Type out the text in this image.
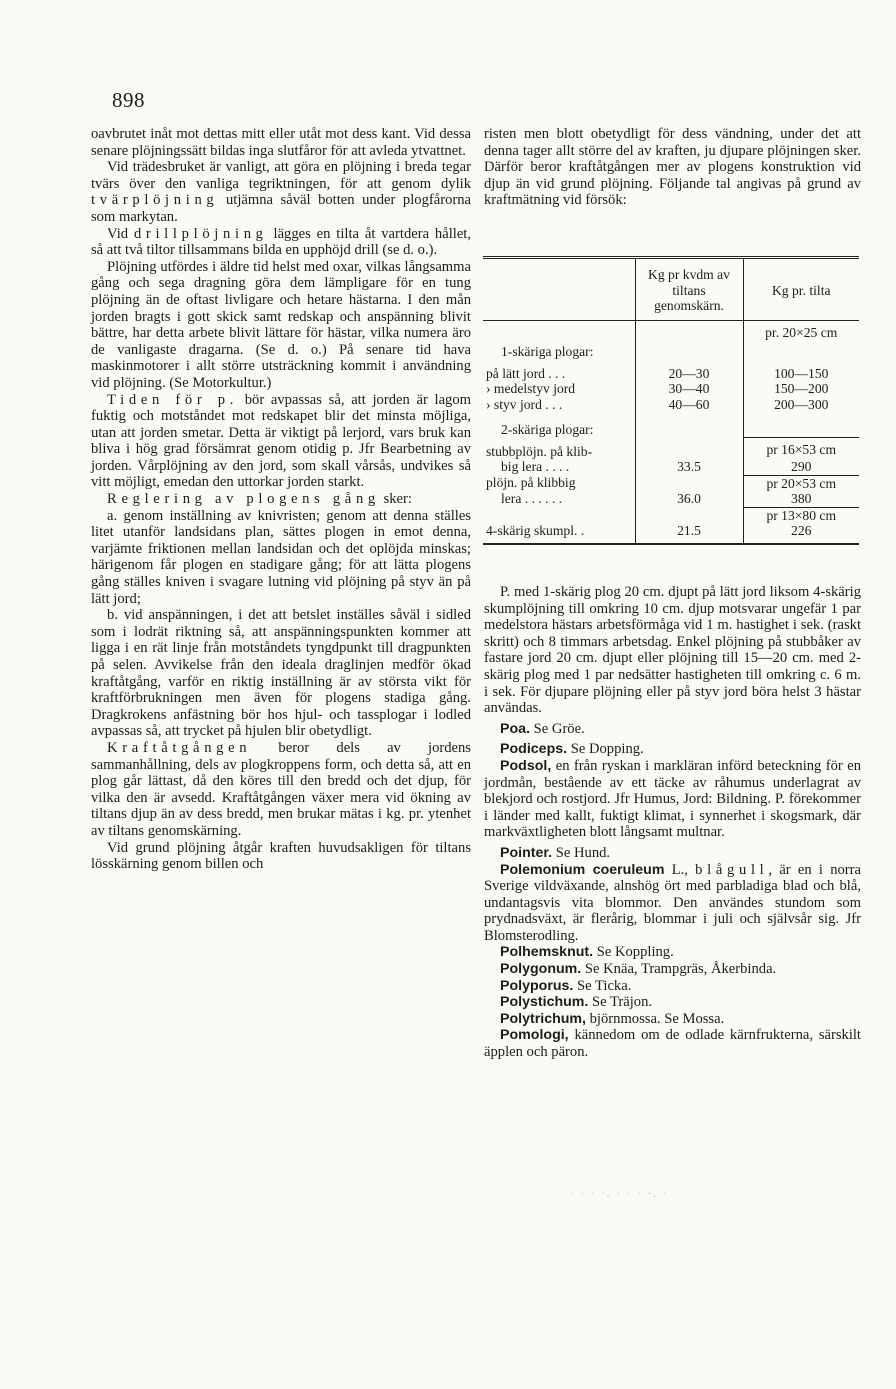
898

oavbrutet inåt mot dettas mitt eller utåt mot dess kant. Vid dessa senare plöjningssätt bildas inga slutfåror för att avleda ytvattnet.

Vid trädesbruket är vanligt, att göra en plöjning i breda tegar tvärs över den vanliga tegriktningen, för att genom dylik tvärplöjning utjämna såväl botten under plogfårorna som markytan.

Vid drillplöjning lägges en tilta åt vartdera hållet, så att två tiltor tillsammans bilda en upphöjd drill (se d. o.).

Plöjning utfördes i äldre tid helst med oxar, vilkas långsamma gång och sega dragning göra dem lämpligare för en tung plöjning än de oftast livligare och hetare hästarna. I den mån jorden bragts i gott skick samt redskap och anspänning blivit bättre, har detta arbete blivit lättare för hästar, vilka numera äro de vanligaste dragarna. (Se d. o.) På senare tid hava maskinmotorer i allt större utsträckning kommit i användning vid plöjning. (Se Motorkultur.)

Tiden för p. bör avpassas så, att jorden är lagom fuktig och motståndet mot redskapet blir det minsta möjliga, utan att jorden smetar. Detta är viktigt på lerjord, vars bruk kan bliva i hög grad försämrat genom otidig p. Jfr Bearbetning av jorden. Vårplöjning av den jord, som skall vårsås, undvikes så vitt möjligt, emedan den uttorkar jorden starkt.

Reglering av plogens gång sker:

a. genom inställning av knivristen; genom att denna ställes litet utanför landsidans plan, sättes plogen in emot denna, varjämte friktionen mellan landsidan och det oplöjda minskas; härigenom får plogen en stadigare gång; för att lätta plogens gång ställes kniven i svagare lutning vid plöjning på styv än på lätt jord;

b. vid anspänningen, i det att betslet inställes såväl i sidled som i lodrät riktning så, att anspänningspunkten kommer att ligga i en rät linje från motståndets tyngdpunkt till dragpunkten på selen. Avvikelse från den ideala draglinjen medför ökad kraftåtgång, varför en riktig inställning är av största vikt för kraftförbrukningen men även för plogens stadiga gång. Dragkrokens anfästning bör hos hjul- och tassplogar i lodled avpassas så, att trycket på hjulen blir obetydligt.

Kraftåtgången beror dels av jordens sammanhållning, dels av plogkroppens form, och detta så, att en plog går lättast, då den köres till den bredd och det djup, för vilka den är avsedd. Kraftåtgången växer mera vid ökning av tiltans djup än av dess bredd, men brukar mätas i kg. pr. ytenhet av tiltans genomskärning.

Vid grund plöjning åtgår kraften huvudsakligen för tiltans lösskärning genom billen och

risten men blott obetydligt för dess vändning, under det att denna tager allt större del av kraften, ju djupare plöjningen sker. Därför beror kraftåtgången mer av plogens konstruktion vid djup än vid grund plöjning. Följande tal angivas på grund av kraftmätning vid försök:

	Kg pr kvdm av tiltans genomskärn.	Kg pr. tilta
		pr. 20×25 cm
1-skäriga plogar:		
på lätt jord . . .	20—30	100—150
› medelstyv jord	30—40	150—200
› styv jord . . .	40—60	200—300
2-skäriga plogar:		
stubbplöjn. på klib-		pr 16×53 cm
big lera . . . .	33.5	290
plöjn. på klibbig		pr 20×53 cm
lera . . . . . .	36.0	380
		pr 13×80 cm
4-skärig skumpl. .	21.5	226

P. med 1-skärig plog 20 cm. djupt på lätt jord liksom 4-skärig skumplöjning till omkring 10 cm. djup motsvarar ungefär 1 par medelstora hästars arbetsförmåga vid 1 m. hastighet i sek. (raskt skritt) och 8 timmars arbetsdag. Enkel plöjning på stubbåker av fastare jord 20 cm. djupt eller plöjning till 15—20 cm. med 2-skärig plog med 1 par nedsätter hastigheten till omkring c. 6 m. i sek. För djupare plöjning eller på styv jord böra helst 3 hästar användas.

Poa. Se Gröe.

Podiceps. Se Dopping.

Podsol, en från ryskan i markläran införd beteckning för en jordmån, bestående av ett täcke av råhumus underlagrat av blekjord och rostjord. Jfr Humus, Jord: Bildning. P. förekommer i länder med kallt, fuktigt klimat, i synnerhet i skogsmark, där markväxtligheten blott långsamt multnar.

Pointer. Se Hund.

Polemonium coeruleum L., blågull, är en i norra Sverige vildväxande, alnshög ört med parbladiga blad och blå, undantagsvis vita blommor. Den användes stundom som prydnadsväxt, är flerårig, blommar i juli och självsår sig. Jfr Blomsterodling.

Polhemsknut. Se Koppling.

Polygonum. Se Knäa, Trampgräs, Åkerbinda.

Polyporus. Se Ticka.

Polystichum. Se Träjon.

Polytrichum, björnmossa. Se Mossa.

Pomologi, kännedom om de odlade kärnfrukterna, särskilt äpplen och päron.

· · · ·. · · · ·. ·
